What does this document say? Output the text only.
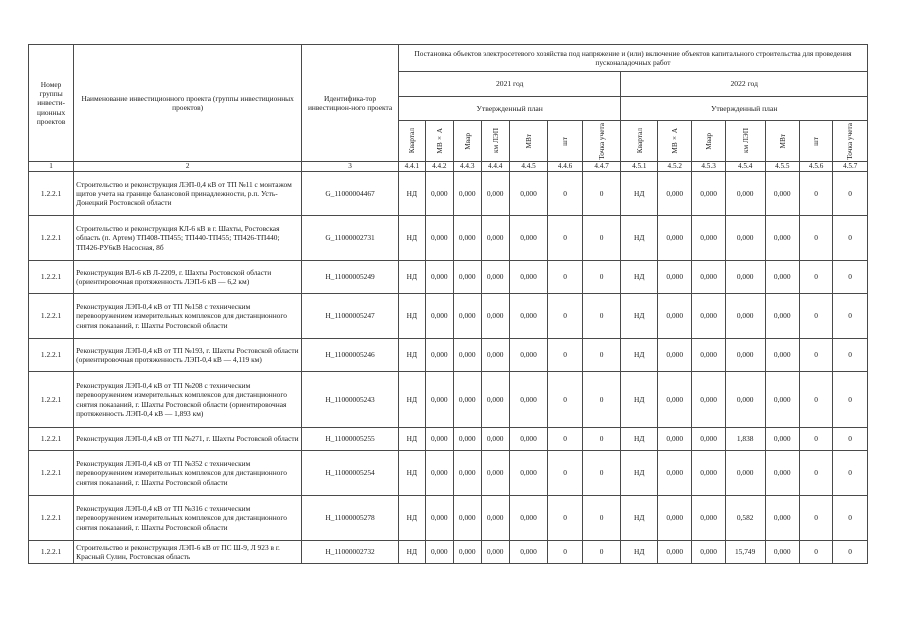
Номер группы инвести-ционных проектов	Наименование инвестиционного проекта (группы инвестиционных проектов)	Идентифика-тор инвестицион-ного проекта	Постановка объектов электросетевого хозяйства под напряжение и (или) включение объектов капитального строительства для проведения пусконаладочных работ													
			2021 год							2022 год						
			Утвержденный план							Утвержденный план						

			Квартал	МВ×А	Мвар	км ЛЭП	МВт	шт	Точка учета	Квартал	МВ×А	Мвар	км ЛЭП	МВт	шт	Точка учета

1	2	3	4.4.1	4.4.2	4.4.3	4.4.4	4.4.5	4.4.6	4.4.7	4.5.1	4.5.2	4.5.3	4.5.4	4.5.5	4.5.6	4.5.7
1.2.2.1	Строительство и реконструкция ЛЭП-0,4 кВ от ТП №11 с монтажом щитов учета на границе балансовой принадлежности, р.п. Усть-Донецкий Ростовской области	G_11000004467	НД	0,000	0,000	0,000	0,000	0	0	НД	0,000	0,000	0,000	0,000	0	0
1.2.2.1	Строительство и реконструкция КЛ-6 кВ в г. Шахты, Ростовская область (п. Артем) ТП408-ТП455; ТП440-ТП455; ТП426-ТП440; ТП426-РУ6кВ Насосная, 8б	G_11000002731	НД	0,000	0,000	0,000	0,000	0	0	НД	0,000	0,000	0,000	0,000	0	0
1.2.2.1	Реконструкция ВЛ-6 кВ Л-2209, г. Шахты Ростовской области (ориентировочная протяженность ЛЭП-6 кВ — 6,2 км)	H_11000005249	НД	0,000	0,000	0,000	0,000	0	0	НД	0,000	0,000	0,000	0,000	0	0
1.2.2.1	Реконструкция ЛЭП-0,4 кВ от ТП №158 с техническим перевооружением измерительных комплексов для дистанционного снятия показаний, г. Шахты Ростовской области	H_11000005247	НД	0,000	0,000	0,000	0,000	0	0	НД	0,000	0,000	0,000	0,000	0	0
1.2.2.1	Реконструкция ЛЭП-0,4 кВ от ТП №193, г. Шахты Ростовской области (ориентировочная протяженность ЛЭП-0,4 кВ — 4,119 км)	H_11000005246	НД	0,000	0,000	0,000	0,000	0	0	НД	0,000	0,000	0,000	0,000	0	0
1.2.2.1	Реконструкция ЛЭП-0,4 кВ от ТП №208 с техническим перевооружением измерительных комплексов для дистанционного снятия показаний, г. Шахты Ростовской области (ориентировочная протяженность ЛЭП-0,4 кВ — 1,893 км)	H_11000005243	НД	0,000	0,000	0,000	0,000	0	0	НД	0,000	0,000	0,000	0,000	0	0
1.2.2.1	Реконструкция ЛЭП-0,4 кВ от ТП №271, г. Шахты Ростовской области	H_11000005255	НД	0,000	0,000	0,000	0,000	0	0	НД	0,000	0,000	1,838	0,000	0	0
1.2.2.1	Реконструкция ЛЭП-0,4 кВ от ТП №352 с техническим перевооружением измерительных комплексов для дистанционного снятия показаний, г. Шахты Ростовской области	H_11000005254	НД	0,000	0,000	0,000	0,000	0	0	НД	0,000	0,000	0,000	0,000	0	0
1.2.2.1	Реконструкция ЛЭП-0,4 кВ от ТП №316 с техническим перевооружением измерительных комплексов для дистанционного снятия показаний, г. Шахты Ростовской области	H_11000005278	НД	0,000	0,000	0,000	0,000	0	0	НД	0,000	0,000	0,582	0,000	0	0
1.2.2.1	Строительство и реконструкция ЛЭП-6 кВ от ПС Ш-9, Л 923 в г. Красный Сулин, Ростовская область	H_11000002732	НД	0,000	0,000	0,000	0,000	0	0	НД	0,000	0,000	15,749	0,000	0	0
